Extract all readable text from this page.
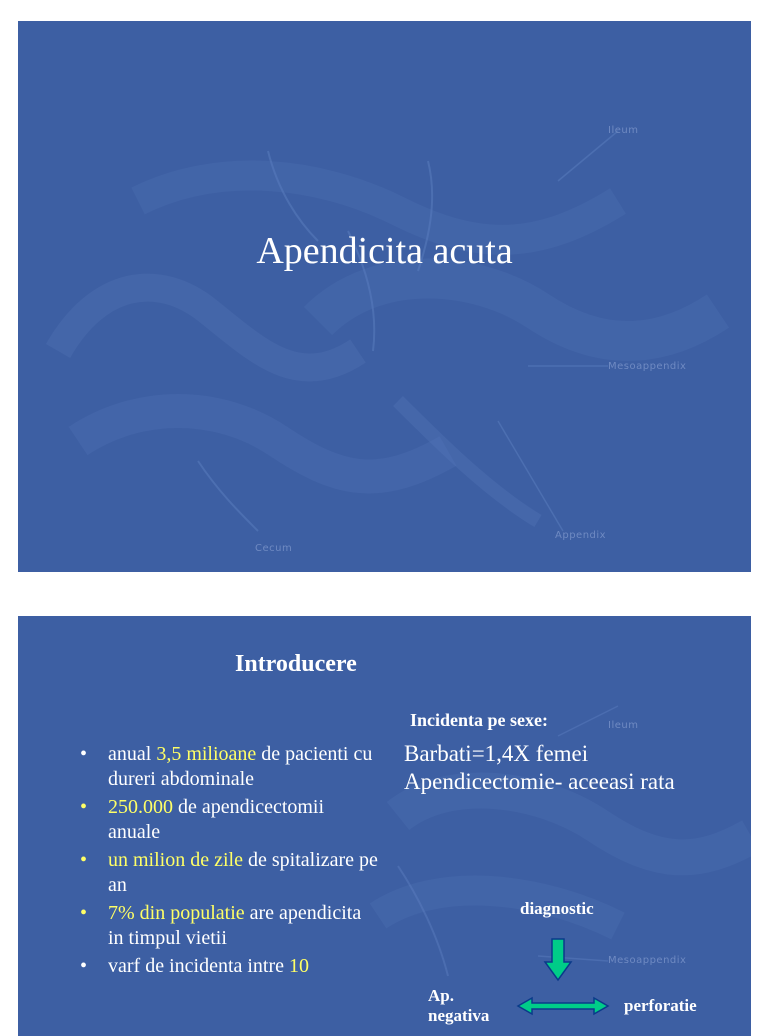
Ileum
Mesoappendix
Appendix
Cecum
Apendicita acuta
Ileum
Mesoappendix
Introducere
Incidenta pe sexe:
Barbati=1,4X femei
Apendicectomie- aceeasi rata
• anual 3,5 milioane de pacienti cu dureri abdominale
• 250.000 de apendicectomii anuale
• un milion de zile de spitalizare pe an
• 7% din populatie are apendicita in timpul vietii
• varf de incidenta intre 10
diagnostic
Ap. negativa
perforatie
